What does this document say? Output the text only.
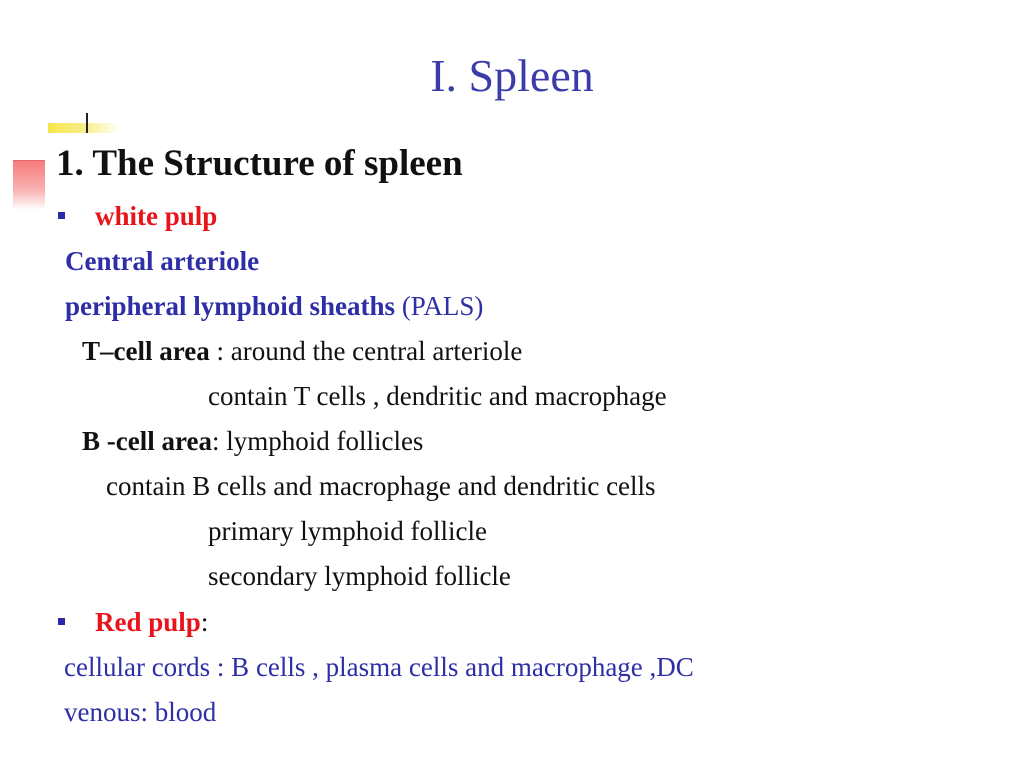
I. Spleen
1. The Structure of spleen
white pulp
Central arteriole
peripheral lymphoid sheaths (PALS)
T–cell area : around the central arteriole
contain T cells , dendritic and macrophage
B -cell area: lymphoid follicles
contain B cells and macrophage and dendritic cells
primary lymphoid follicle
secondary lymphoid follicle
Red pulp:
cellular cords : B cells , plasma cells and macrophage ,DC
venous: blood
